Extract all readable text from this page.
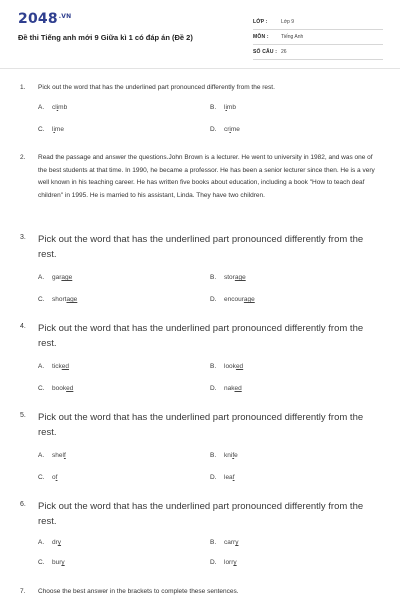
$2048^{.VN}$
Đề thi Tiếng anh mới 9 Giữa kì 1 có đáp án (Đề 2)
LỚP :	Lớp 9
MÔN :	Tiếng Anh
SỐ CÂU : 26
1. Pick out the word that has the underlined part pronounced differently from the rest.
A. climb	B. limb
C. lime	D. crime
2. Read the passage and answer the questions.John Brown is a lecturer. He went to university in 1982, and was one of the best students at that time. In 1990, he became a professor. He has been a senior lecturer since then. He is a very well known in his teaching career. He has written five books about education, including a book "How to teach deaf children" in 1995. He is married to his assistant, Linda. They have two children.
3. Pick out the word that has the underlined part pronounced differently from the rest.
A. garage	B. storage
C. shortage	D. encourage
4. Pick out the word that has the underlined part pronounced differently from the rest.
A. ticked	B. looked
C. booked	D. naked
5. Pick out the word that has the underlined part pronounced differently from the rest.
A. shelf	B. knife
C. of	D. leaf
6. Pick out the word that has the underlined part pronounced differently from the rest.
A. dry	B. carry
C. bury	D. lorry
7. Choose the best answer in the brackets to complete these sentences.
